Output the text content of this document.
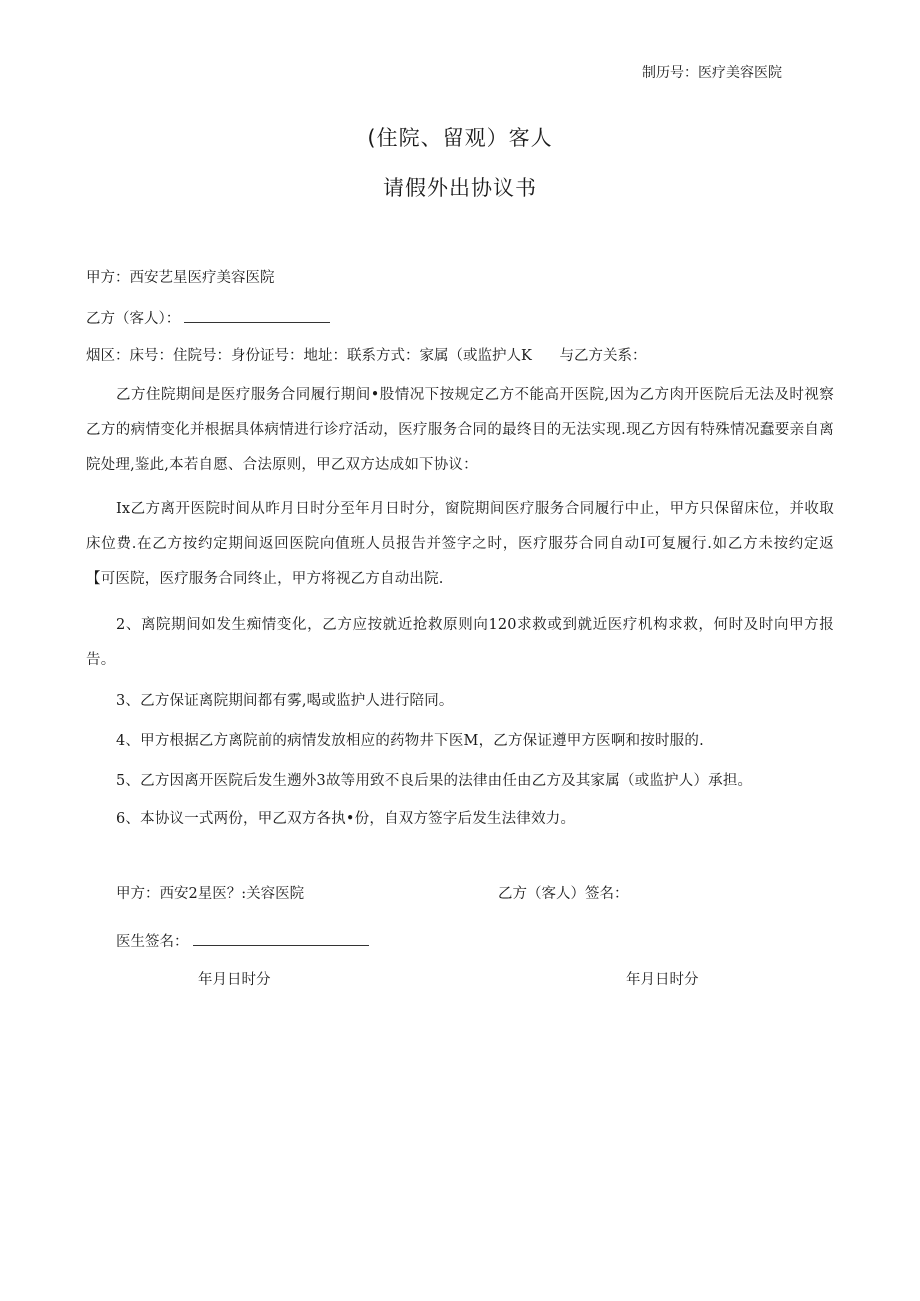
制历号：医疗美容医院
(住院、留观）客人
请假外出协议书
甲方：西安艺星医疗美容医院
乙方（客人）：
烟区：床号：住院号：身份证号：地址：联系方式：家属（或监护人K      与乙方关系：
乙方住院期间是医疗服务合同履行期间•股情况下按规定乙方不能高开医院,因为乙方肉开医院后无法及时视察乙方的病情变化并根据具体病情进行诊疗活动，医疗服务合同的最终目的无法实现.现乙方因有特殊情况蠢要亲自离院处理,鉴此,本若自愿、合法原则，甲乙双方达成如下协议：
Ix乙方离开医院时间从昨月日时分至年月日时分，窗院期间医疗服务合同履行中止，甲方只保留床位，并收取床位费.在乙方按约定期间返回医院向值班人员报告并签字之时，医疗服芬合同自动I可复履行.如乙方未按约定返【可医院，医疗服务合同终止，甲方将视乙方自动出院.
2、离院期间如发生痴情变化，乙方应按就近抢救原则向120求救或到就近医疗机构求救，何时及时向甲方报告。
3、乙方保证离院期间都有雾,喝或监护人进行陪同。
4、甲方根据乙方离院前的病情发放相应的药物井下医M，乙方保证遵甲方医啊和按时服的.
5、乙方因离开医院后发生遡外3故等用致不良后果的法律由任由乙方及其家属（或监护人）承担。
6、本协议一式两份，甲乙双方各执•份，自双方签字后发生法律效力。
甲方：西安2星医？:关容医院	乙方（客人）签名：
医生签名：
年月日时分	年月日时分
